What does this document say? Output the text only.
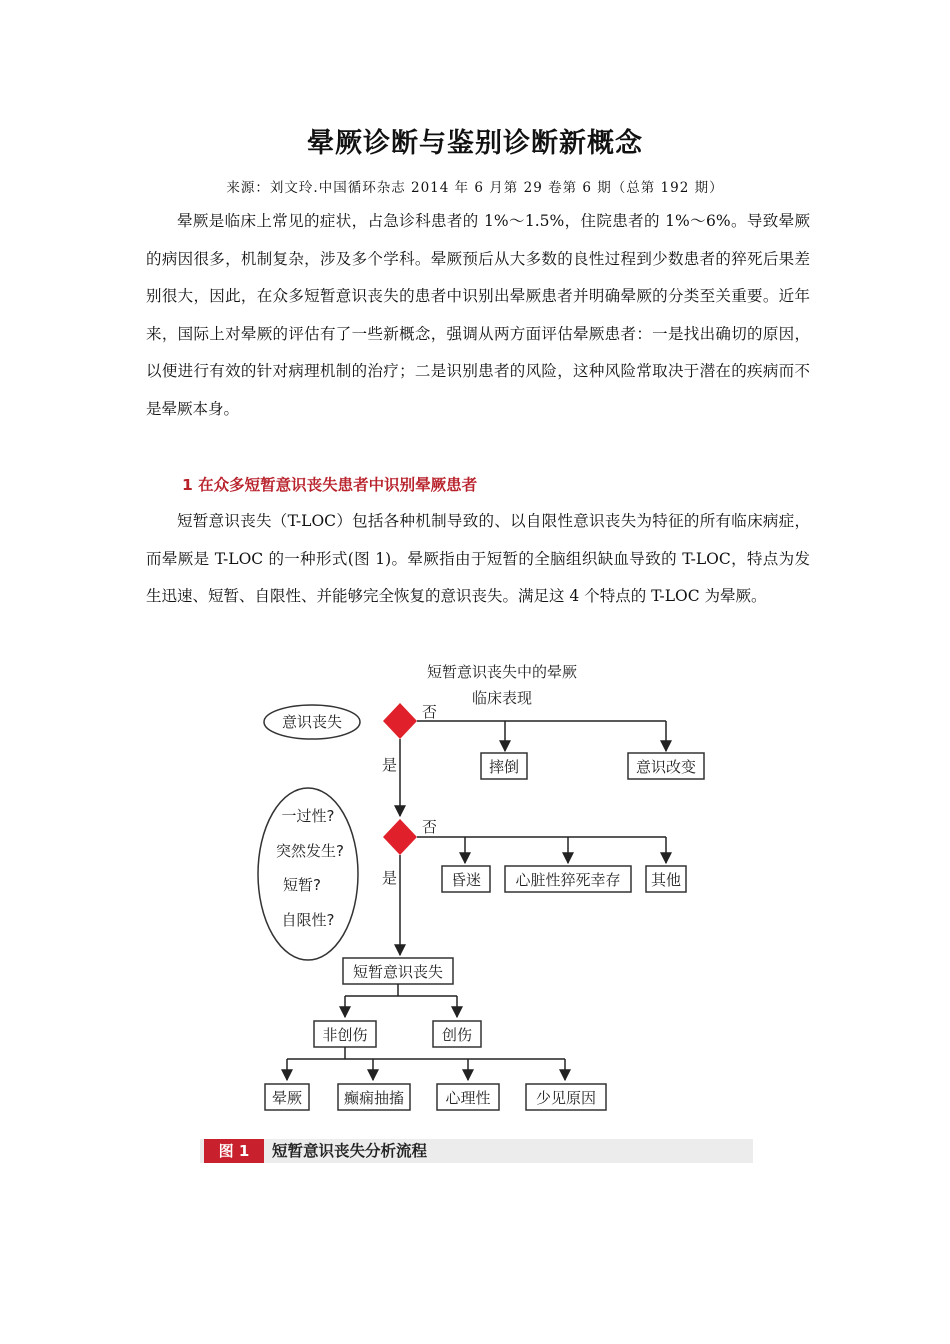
晕厥诊断与鉴别诊断新概念
来源：刘文玲.中国循环杂志 2014 年 6 月第 29 卷第 6 期（总第 192 期）

晕厥是临床上常见的症状，占急诊科患者的 1%～1.5%，住院患者的 1%～6%。导致晕厥的病因很多，机制复杂，涉及多个学科。晕厥预后从大多数的良性过程到少数患者的猝死后果差别很大，因此，在众多短暂意识丧失的患者中识别出晕厥患者并明确晕厥的分类至关重要。近年来，国际上对晕厥的评估有了一些新概念，强调从两方面评估晕厥患者：一是找出确切的原因，以便进行有效的针对病理机制的治疗；二是识别患者的风险，这种风险常取决于潜在的疾病而不是晕厥本身。

1 在众多短暂意识丧失患者中识别晕厥患者

短暂意识丧失（T-LOC）包括各种机制导致的、以自限性意识丧失为特征的所有临床病症，而晕厥是 T-LOC 的一种形式(图 1)。晕厥指由于短暂的全脑组织缺血导致的 T-LOC，特点为发生迅速、短暂、自限性、并能够完全恢复的意识丧失。满足这 4 个特点的 T-LOC 为晕厥。

短暂意识丧失中的晕厥
临床表现
意识丧失
否
摔倒	意识改变
是
一过性?
突然发生?
短暂?
自限性?
否
昏迷 心脏性猝死幸存 其他
是
短暂意识丧失
非创伤	创伤
晕厥	癫痫抽搐	心理性	少见原因
图 1	短暂意识丧失分析流程
